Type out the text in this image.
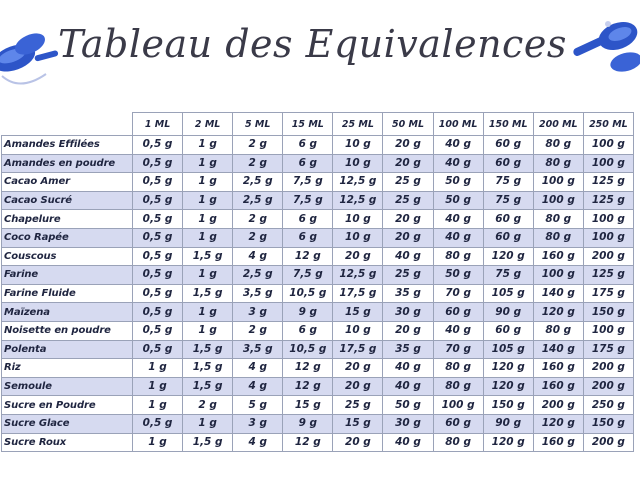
Tableau des Equivalences
	1 ML	2 ML	5 ML	15 ML	25 ML	50 ML	100 ML	150 ML	200 ML	250 ML
Amandes Effilées	0,5 g	1 g	2 g	6 g	10 g	20 g	40 g	60 g	80 g	100 g
Amandes en poudre	0,5 g	1 g	2 g	6 g	10 g	20 g	40 g	60 g	80 g	100 g
Cacao Amer	0,5 g	1 g	2,5 g	7,5 g	12,5 g	25 g	50 g	75 g	100 g	125 g
Cacao Sucré	0,5 g	1 g	2,5 g	7,5 g	12,5 g	25 g	50 g	75 g	100 g	125 g
Chapelure	0,5 g	1 g	2 g	6 g	10 g	20 g	40 g	60 g	80 g	100 g
Coco Rapée	0,5 g	1 g	2 g	6 g	10 g	20 g	40 g	60 g	80 g	100 g
Couscous	0,5 g	1,5 g	4 g	12 g	20 g	40 g	80 g	120 g	160 g	200 g
Farine	0,5 g	1 g	2,5 g	7,5 g	12,5 g	25 g	50 g	75 g	100 g	125 g
Farine Fluide	0,5 g	1,5 g	3,5 g	10,5 g	17,5 g	35 g	70 g	105 g	140 g	175 g
Maïzena	0,5 g	1 g	3 g	9 g	15 g	30 g	60 g	90 g	120 g	150 g
Noisette en poudre	0,5 g	1 g	2 g	6 g	10 g	20 g	40 g	60 g	80 g	100 g
Polenta	0,5 g	1,5 g	3,5 g	10,5 g	17,5 g	35 g	70 g	105 g	140 g	175 g
Riz	1 g	1,5 g	4 g	12 g	20 g	40 g	80 g	120 g	160 g	200 g
Semoule	1 g	1,5 g	4 g	12 g	20 g	40 g	80 g	120 g	160 g	200 g
Sucre en Poudre	1 g	2 g	5 g	15 g	25 g	50 g	100 g	150 g	200 g	250 g
Sucre Glace	0,5 g	1 g	3 g	9 g	15 g	30 g	60 g	90 g	120 g	150 g
Sucre Roux	1 g	1,5 g	4 g	12 g	20 g	40 g	80 g	120 g	160 g	200 g
